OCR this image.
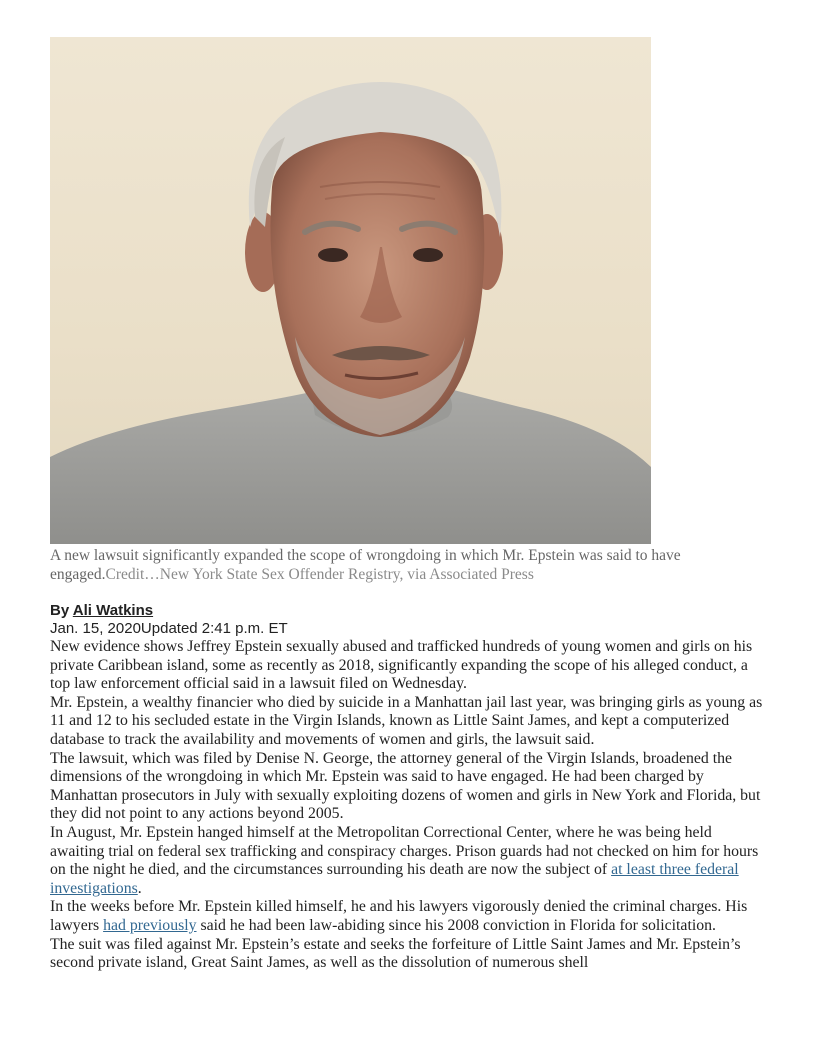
A new lawsuit significantly expanded the scope of wrongdoing in which Mr. Epstein was said to have engaged.Credit…New York State Sex Offender Registry, via Associated Press
By Ali Watkins
Jan. 15, 2020Updated 2:41 p.m. ET

New evidence shows Jeffrey Epstein sexually abused and trafficked hundreds of young women and girls on his private Caribbean island, some as recently as 2018, significantly expanding the scope of his alleged conduct, a top law enforcement official said in a lawsuit filed on Wednesday.

Mr. Epstein, a wealthy financier who died by suicide in a Manhattan jail last year, was bringing girls as young as 11 and 12 to his secluded estate in the Virgin Islands, known as Little Saint James, and kept a computerized database to track the availability and movements of women and girls, the lawsuit said.

The lawsuit, which was filed by Denise N. George, the attorney general of the Virgin Islands, broadened the dimensions of the wrongdoing in which Mr. Epstein was said to have engaged. He had been charged by Manhattan prosecutors in July with sexually exploiting dozens of women and girls in New York and Florida, but they did not point to any actions beyond 2005.

In August, Mr. Epstein hanged himself at the Metropolitan Correctional Center, where he was being held awaiting trial on federal sex trafficking and conspiracy charges. Prison guards had not checked on him for hours on the night he died, and the circumstances surrounding his death are now the subject of at least three federal investigations.

In the weeks before Mr. Epstein killed himself, he and his lawyers vigorously denied the criminal charges. His lawyers had previously said he had been law-abiding since his 2008 conviction in Florida for solicitation.

The suit was filed against Mr. Epstein’s estate and seeks the forfeiture of Little Saint James and Mr. Epstein’s second private island, Great Saint James, as well as the dissolution of numerous shell
